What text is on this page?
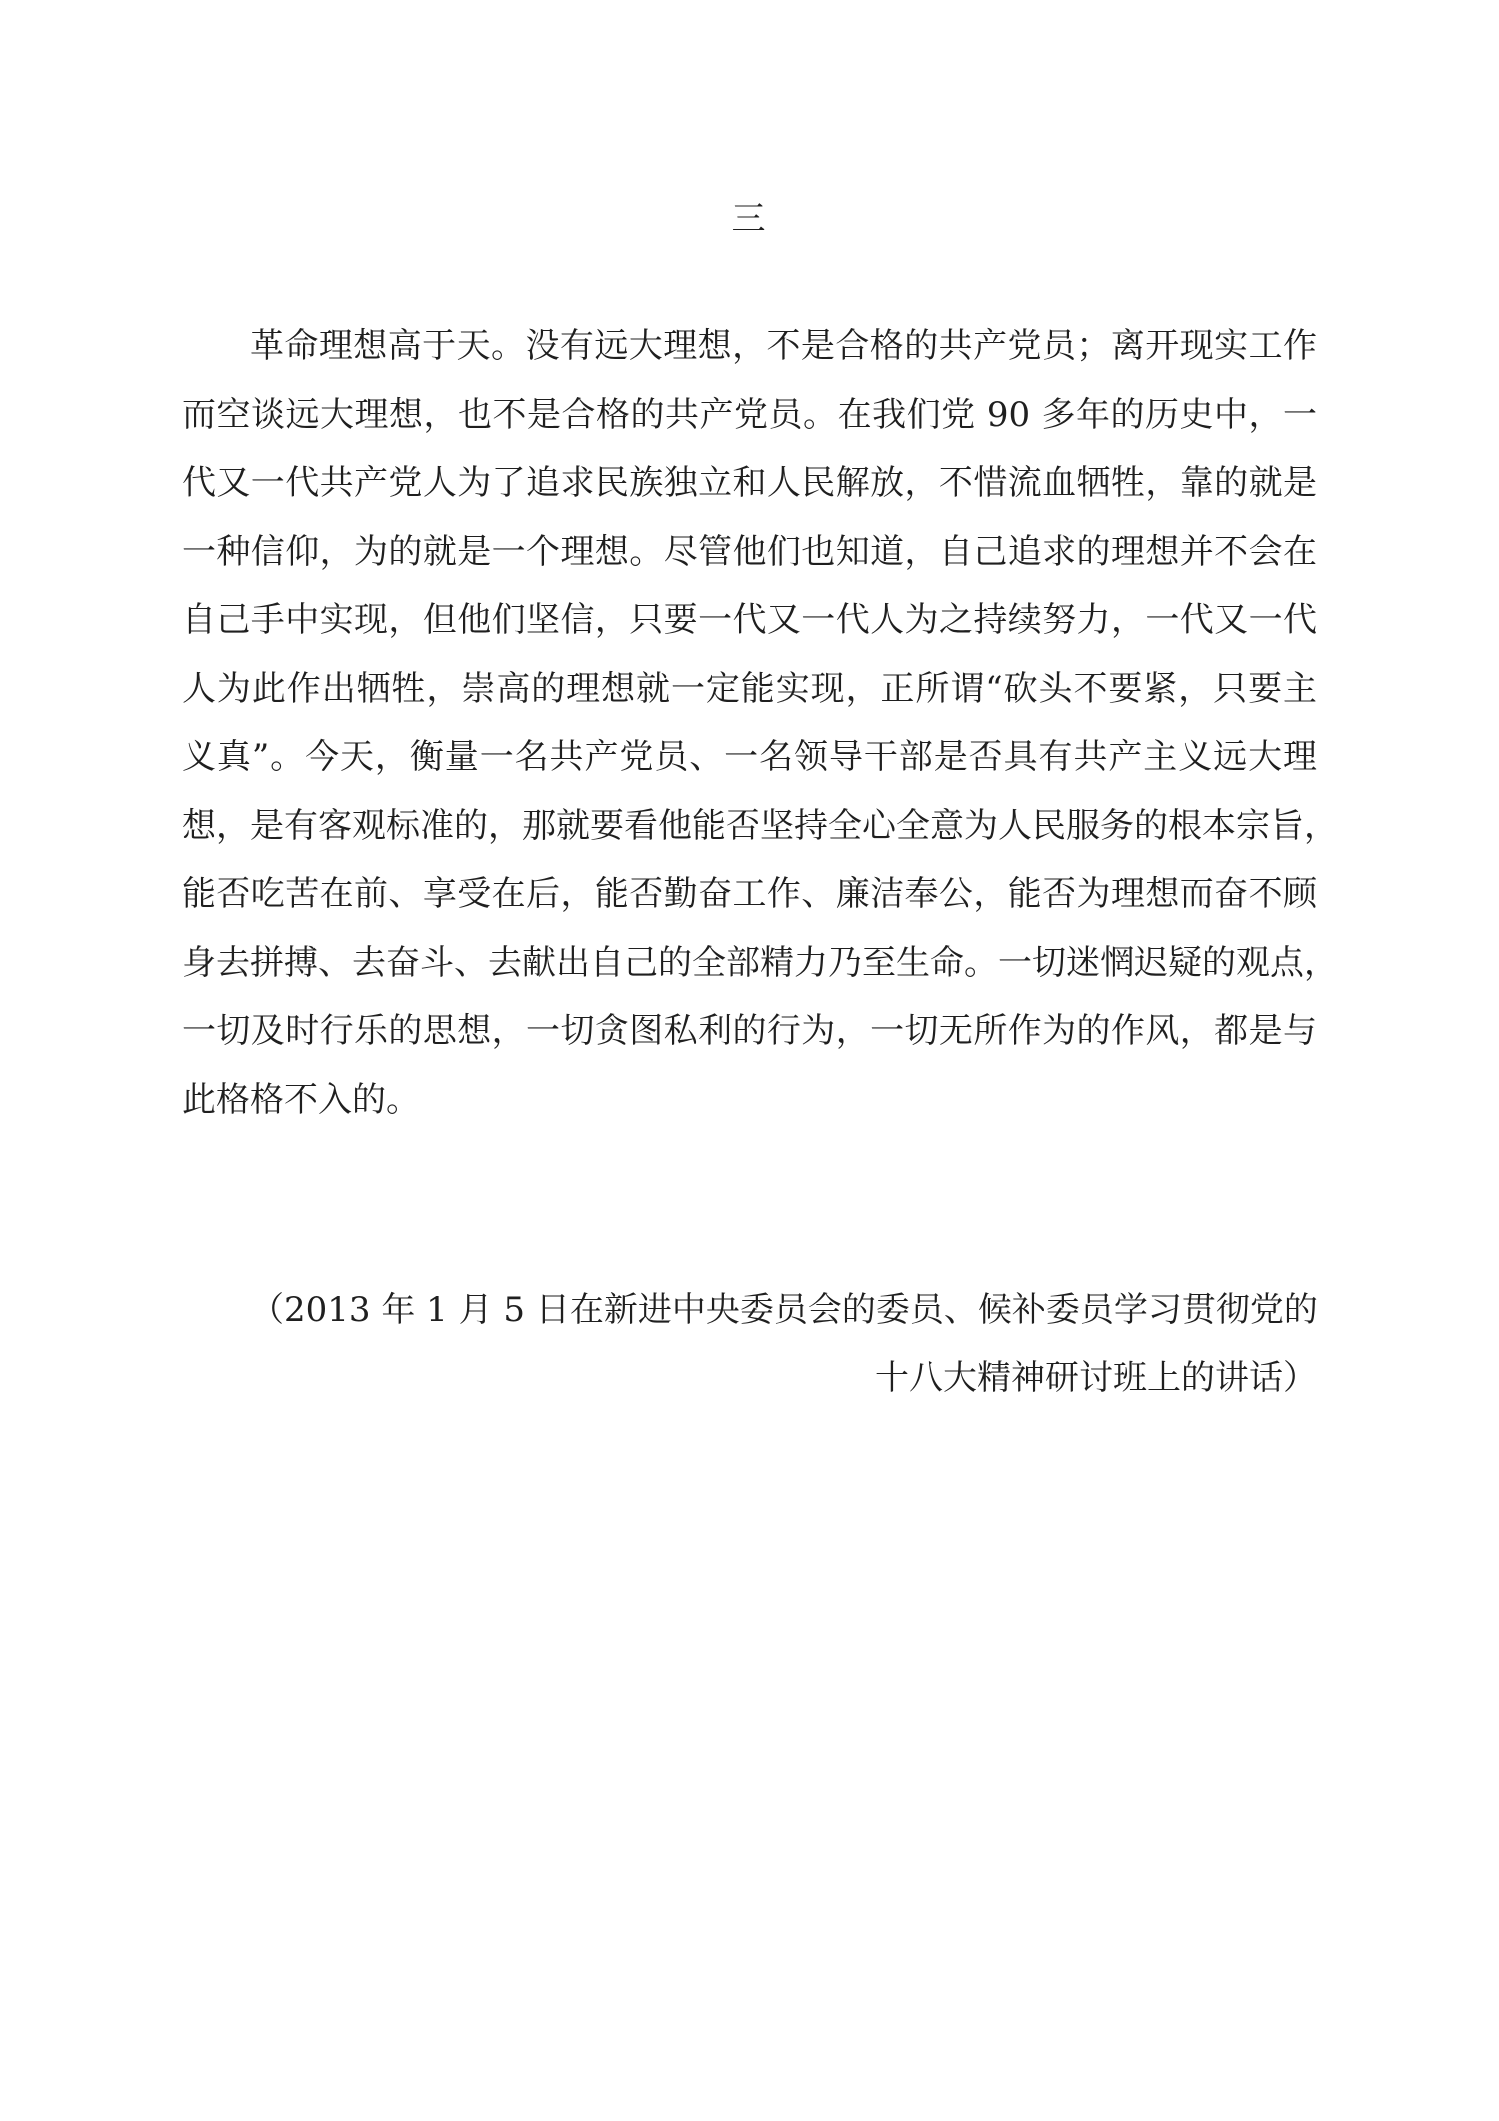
三
革命理想高于天。没有远大理想，不是合格的共产党员；离开现实工作
而空谈远大理想，也不是合格的共产党员。在我们党 90 多年的历史中，一
代又一代共产党人为了追求民族独立和人民解放，不惜流血牺牲，靠的就是
一种信仰，为的就是一个理想。尽管他们也知道，自己追求的理想并不会在
自己手中实现，但他们坚信，只要一代又一代人为之持续努力，一代又一代
人为此作出牺牲，崇高的理想就一定能实现，正所谓“砍头不要紧，只要主
义真”。今天，衡量一名共产党员、一名领导干部是否具有共产主义远大理
想，是有客观标准的，那就要看他能否坚持全心全意为人民服务的根本宗旨，
能否吃苦在前、享受在后，能否勤奋工作、廉洁奉公，能否为理想而奋不顾
身去拼搏、去奋斗、去献出自己的全部精力乃至生命。一切迷惘迟疑的观点，
一切及时行乐的思想，一切贪图私利的行为，一切无所作为的作风，都是与
此格格不入的。
（2013 年 1 月 5 日在新进中央委员会的委员、候补委员学习贯彻党的
十八大精神研讨班上的讲话）
